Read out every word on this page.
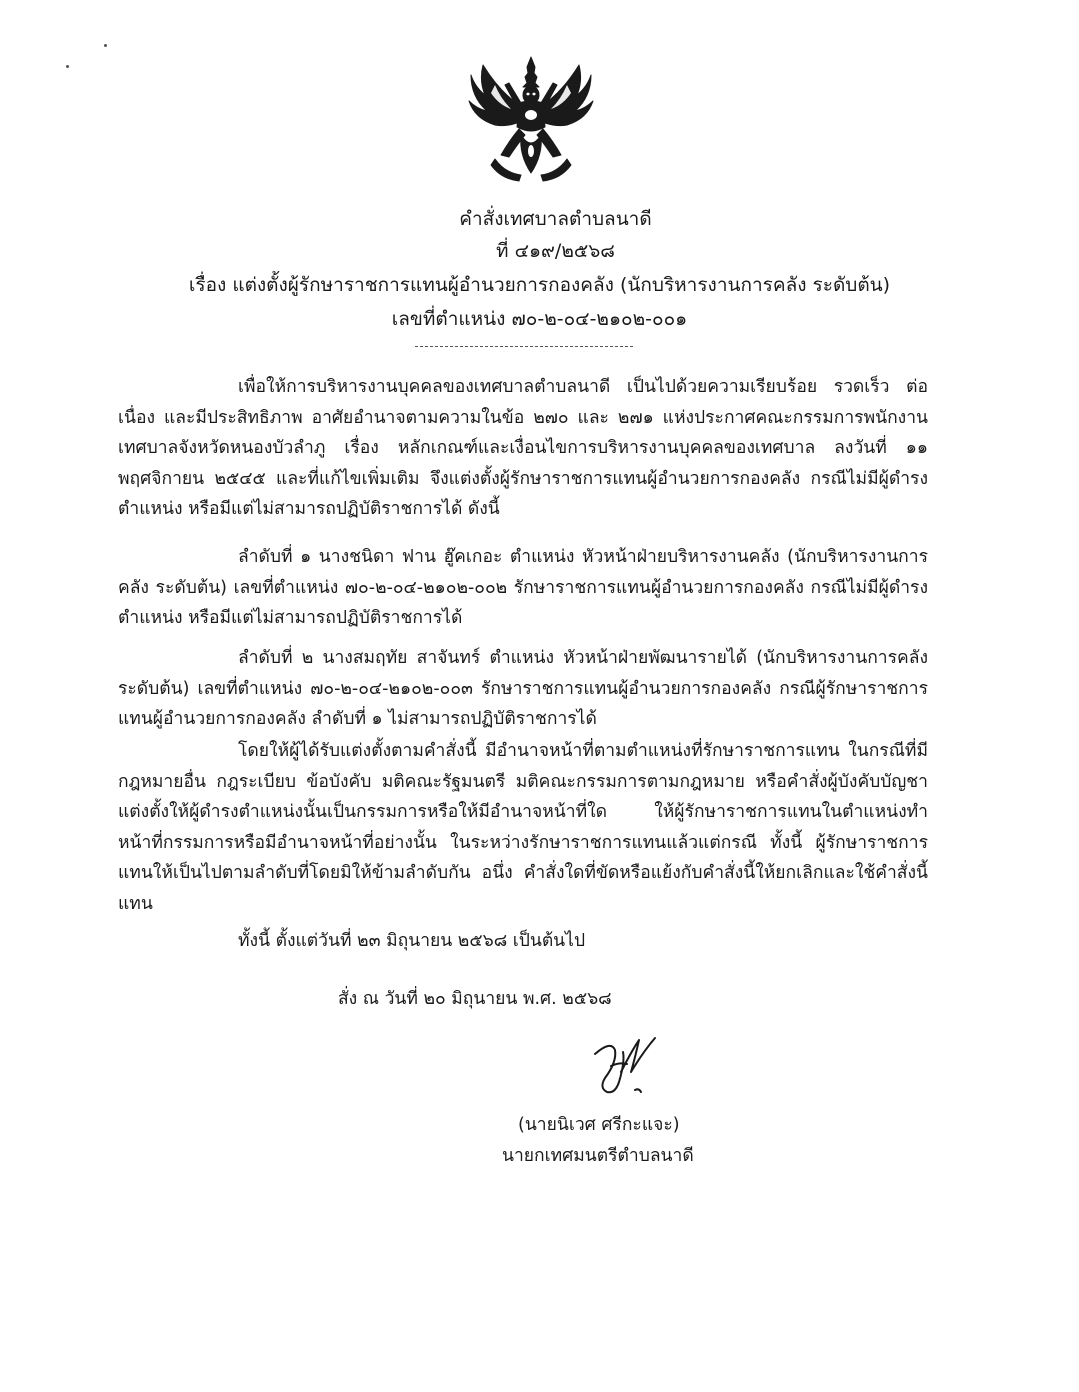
คำสั่งเทศบาลตำบลนาดี
ที่ ๔๑๙/๒๕๖๘
เรื่อง แต่งตั้งผู้รักษาราชการแทนผู้อำนวยการกองคลัง (นักบริหารงานการคลัง ระดับต้น)
เลขที่ตำแหน่ง ๗๐-๒-๐๔-๒๑๐๒-๐๐๑

เพื่อให้การบริหารงานบุคคลของเทศบาลตำบลนาดี เป็นไปด้วยความเรียบร้อย รวดเร็ว ต่อเนื่อง และมีประสิทธิภาพ อาศัยอำนาจตามความในข้อ ๒๗๐ และ ๒๗๑ แห่งประกาศคณะกรรมการพนักงานเทศบาลจังหวัดหนองบัวลำภู เรื่อง หลักเกณฑ์และเงื่อนไขการบริหารงานบุคคลของเทศบาล ลงวันที่ ๑๑ พฤศจิกายน ๒๕๔๕ และที่แก้ไขเพิ่มเติม จึงแต่งตั้งผู้รักษาราชการแทนผู้อำนวยการกองคลัง กรณีไม่มีผู้ดำรงตำแหน่ง หรือมีแต่ไม่สามารถปฏิบัติราชการได้ ดังนี้

ลำดับที่ ๑ นางชนิดา ฟาน ฮู๊คเกอะ ตำแหน่ง หัวหน้าฝ่ายบริหารงานคลัง (นักบริหารงานการคลัง ระดับต้น) เลขที่ตำแหน่ง ๗๐-๒-๐๔-๒๑๐๒-๐๐๒ รักษาราชการแทนผู้อำนวยการกองคลัง กรณีไม่มีผู้ดำรงตำแหน่ง หรือมีแต่ไม่สามารถปฏิบัติราชการได้

ลำดับที่ ๒ นางสมฤทัย สาจันทร์ ตำแหน่ง หัวหน้าฝ่ายพัฒนารายได้ (นักบริหารงานการคลัง ระดับต้น) เลขที่ตำแหน่ง ๗๐-๒-๐๔-๒๑๐๒-๐๐๓ รักษาราชการแทนผู้อำนวยการกองคลัง กรณีผู้รักษาราชการแทนผู้อำนวยการกองคลัง ลำดับที่ ๑ ไม่สามารถปฏิบัติราชการได้

โดยให้ผู้ได้รับแต่งตั้งตามคำสั่งนี้ มีอำนาจหน้าที่ตามตำแหน่งที่รักษาราชการแทน ในกรณีที่มีกฎหมายอื่น กฎระเบียบ ข้อบังคับ มติคณะรัฐมนตรี มติคณะกรรมการตามกฎหมาย หรือคำสั่งผู้บังคับบัญชาแต่งตั้งให้ผู้ดำรงตำแหน่งนั้นเป็นกรรมการหรือให้มีอำนาจหน้าที่ใด ให้ผู้รักษาราชการแทนในตำแหน่งทำหน้าที่กรรมการหรือมีอำนาจหน้าที่อย่างนั้น ในระหว่างรักษาราชการแทนแล้วแต่กรณี ทั้งนี้ ผู้รักษาราชการแทนให้เป็นไปตามลำดับที่โดยมิให้ข้ามลำดับกัน อนึ่ง คำสั่งใดที่ขัดหรือแย้งกับคำสั่งนี้ให้ยกเลิกและใช้คำสั่งนี้แทน

ทั้งนี้ ตั้งแต่วันที่ ๒๓ มิถุนายน ๒๕๖๘ เป็นต้นไป
สั่ง ณ วันที่ ๒๐ มิถุนายน พ.ศ. ๒๕๖๘
(นายนิเวศ ศรีกะแจะ)
นายกเทศมนตรีตำบลนาดี
